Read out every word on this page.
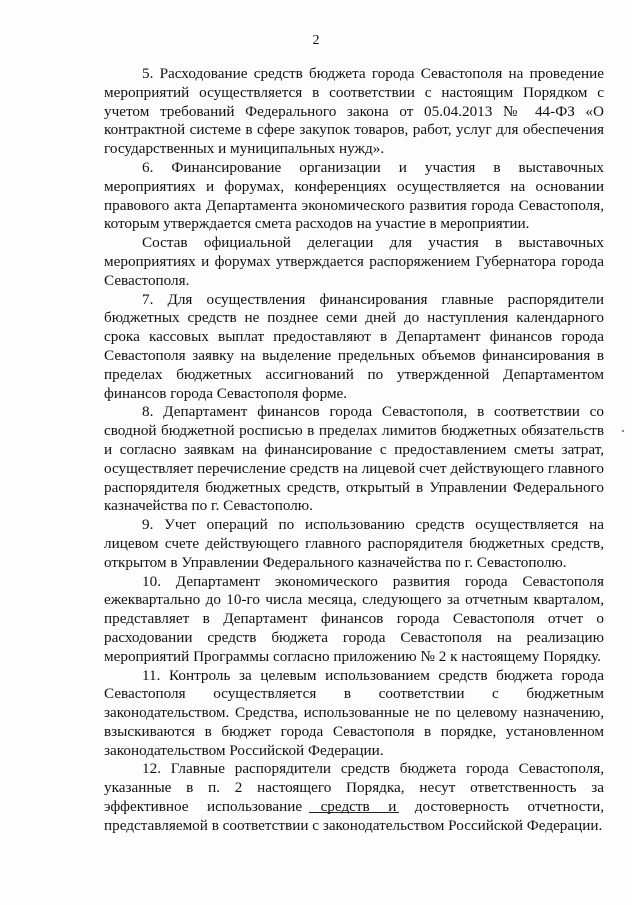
2

5. Расходование средств бюджета города Севастополя на проведение мероприятий осуществляется в соответствии с настоящим Порядком с учетом требований Федерального закона от 05.04.2013 № 44-ФЗ «О контрактной системе в сфере закупок товаров, работ, услуг для обеспечения государственных и муниципальных нужд».

6. Финансирование организации и участия в выставочных мероприятиях и форумах, конференциях осуществляется на основании правового акта Департамента экономического развития города Севастополя, которым утверждается смета расходов на участие в мероприятии.

Состав официальной делегации для участия в выставочных мероприятиях и форумах утверждается распоряжением Губернатора города Севастополя.

7. Для осуществления финансирования главные распорядители бюджетных средств не позднее семи дней до наступления календарного срока кассовых выплат предоставляют в Департамент финансов города Севастополя заявку на выделение предельных объемов финансирования в пределах бюджетных ассигнований по утвержденной Департаментом финансов города Севастополя форме.

8. Департамент финансов города Севастополя, в соответствии со сводной бюджетной росписью в пределах лимитов бюджетных обязательств и согласно заявкам на финансирование с предоставлением сметы затрат, осуществляет перечисление средств на лицевой счет действующего главного распорядителя бюджетных средств, открытый в Управлении Федерального казначейства по г. Севастополю.

9. Учет операций по использованию средств осуществляется на лицевом счете действующего главного распорядителя бюджетных средств, открытом в Управлении Федерального казначейства по г. Севастополю.

10. Департамент экономического развития города Севастополя ежеквартально до 10-го числа месяца, следующего за отчетным кварталом, представляет в Департамент финансов города Севастополя отчет о расходовании средств бюджета города Севастополя на реализацию мероприятий Программы согласно приложению № 2 к настоящему Порядку.

11. Контроль за целевым использованием средств бюджета города Севастополя осуществляется в соответствии с бюджетным законодательством. Средства, использованные не по целевому назначению, взыскиваются в бюджет города Севастополя в порядке, установленном законодательством Российской Федерации.

12. Главные распорядители средств бюджета города Севастополя, указанные в п. 2 настоящего Порядка, несут ответственность за эффективное использование средств и достоверность отчетности, представляемой в соответствии с законодательством Российской Федерации.
